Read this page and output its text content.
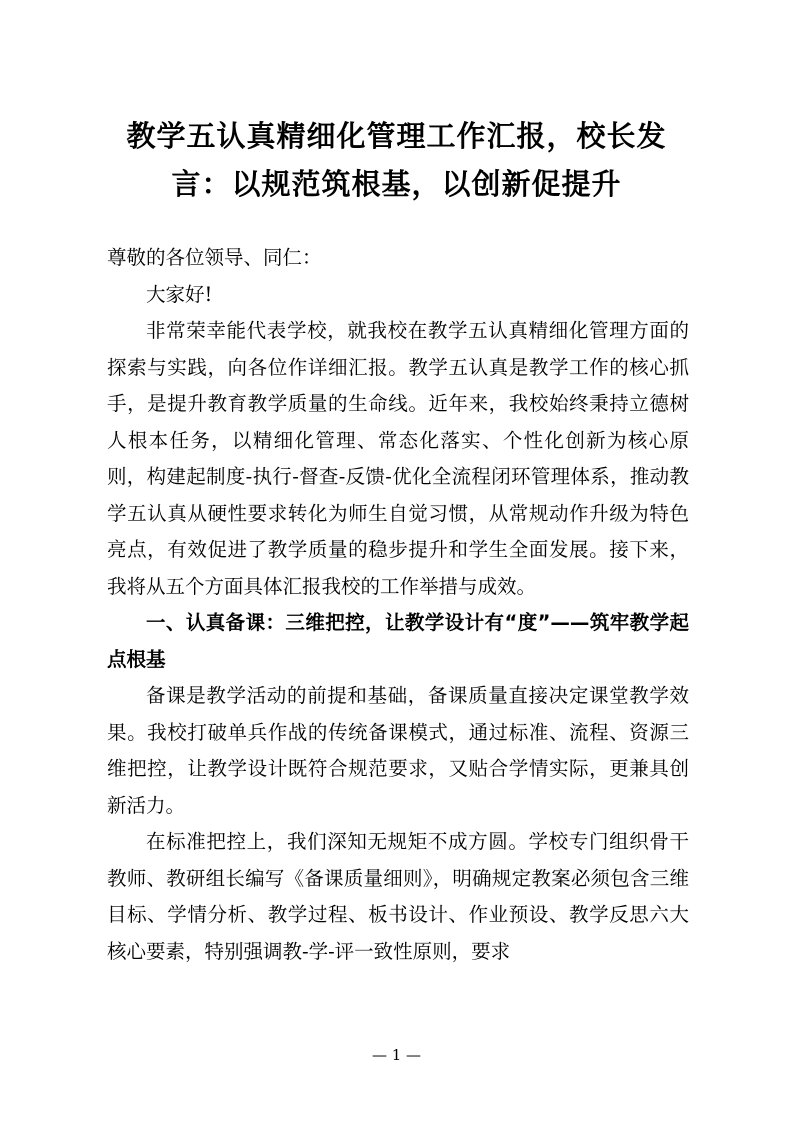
教学五认真精细化管理工作汇报，校长发言：以规范筑根基，以创新促提升

尊敬的各位领导、同仁：

大家好!

非常荣幸能代表学校，就我校在教学五认真精细化管理方面的探索与实践，向各位作详细汇报。教学五认真是教学工作的核心抓手，是提升教育教学质量的生命线。近年来，我校始终秉持立德树人根本任务，以精细化管理、常态化落实、个性化创新为核心原则，构建起制度-执行-督查-反馈-优化全流程闭环管理体系，推动教学五认真从硬性要求转化为师生自觉习惯，从常规动作升级为特色亮点，有效促进了教学质量的稳步提升和学生全面发展。接下来，我将从五个方面具体汇报我校的工作举措与成效。

一、认真备课：三维把控，让教学设计有“度”——筑牢教学起点根基

备课是教学活动的前提和基础，备课质量直接决定课堂教学效果。我校打破单兵作战的传统备课模式，通过标准、流程、资源三维把控，让教学设计既符合规范要求，又贴合学情实际，更兼具创新活力。

在标准把控上，我们深知无规矩不成方圆。学校专门组织骨干教师、教研组长编写《备课质量细则》，明确规定教案必须包含三维目标、学情分析、教学过程、板书设计、作业预设、教学反思六大核心要素，特别强调教-学-评一致性原则，要求

— 1 —
